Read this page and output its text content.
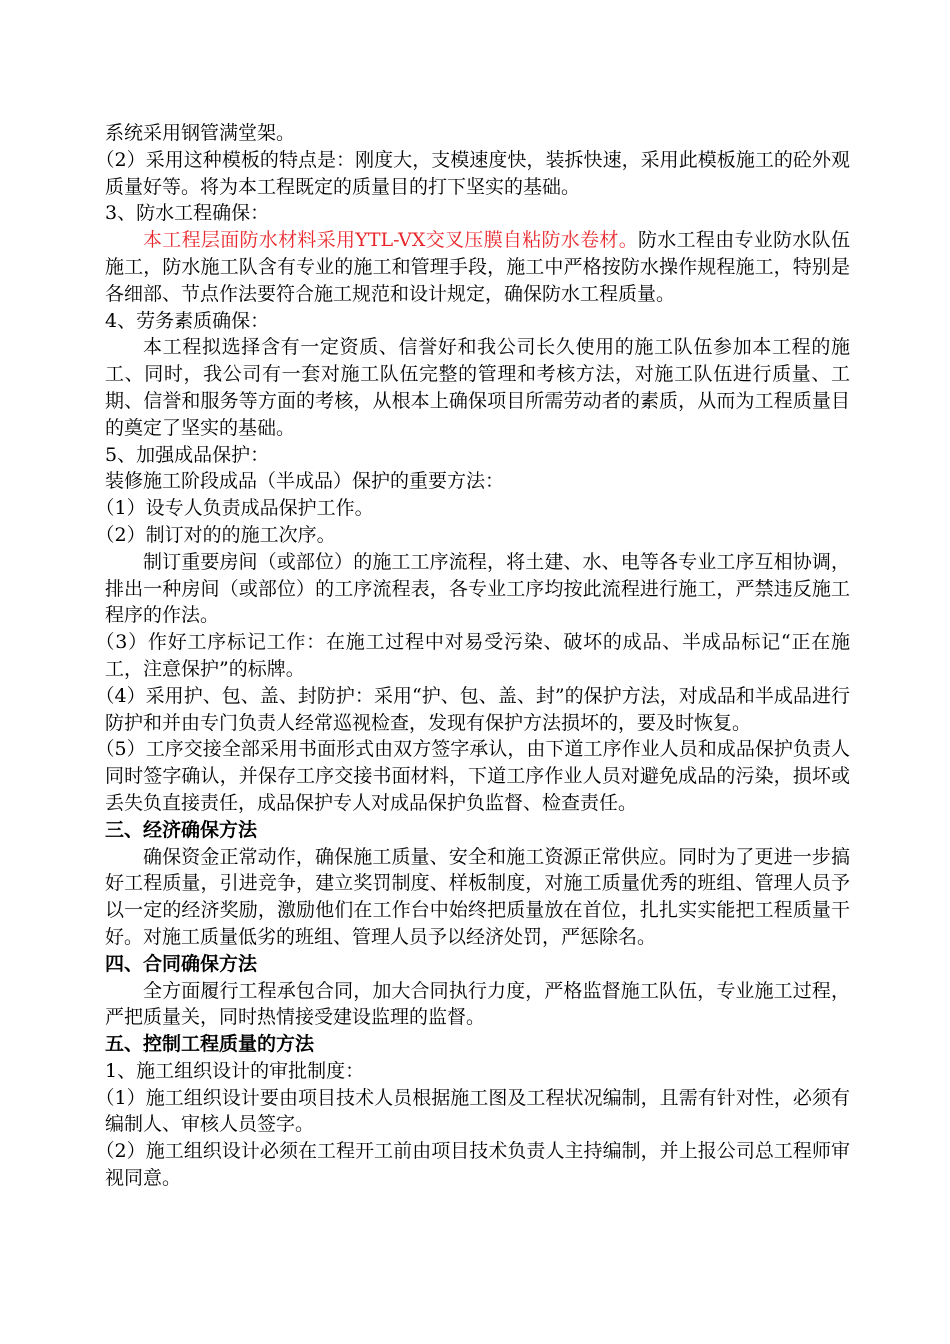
系统采用钢管满堂架。

（2）采用这种模板的特点是：刚度大，支模速度快，装拆快速，采用此模板施工的砼外观质量好等。将为本工程既定的质量目的打下坚实的基础。

3、防水工程确保：

本工程层面防水材料采用YTL-VX交叉压膜自粘防水卷材。防水工程由专业防水队伍施工，防水施工队含有专业的施工和管理手段，施工中严格按防水操作规程施工，特别是各细部、节点作法要符合施工规范和设计规定，确保防水工程质量。

4、劳务素质确保：

本工程拟选择含有一定资质、信誉好和我公司长久使用的施工队伍参加本工程的施工、同时，我公司有一套对施工队伍完整的管理和考核方法，对施工队伍进行质量、工期、信誉和服务等方面的考核，从根本上确保项目所需劳动者的素质，从而为工程质量目的奠定了坚实的基础。

5、加强成品保护：

装修施工阶段成品（半成品）保护的重要方法：

（1）设专人负责成品保护工作。

（2）制订对的的施工次序。

制订重要房间（或部位）的施工工序流程，将土建、水、电等各专业工序互相协调，排出一种房间（或部位）的工序流程表，各专业工序均按此流程进行施工，严禁违反施工程序的作法。

（3）作好工序标记工作：在施工过程中对易受污染、破坏的成品、半成品标记“正在施工，注意保护”的标牌。

（4）采用护、包、盖、封防护：采用“护、包、盖、封”的保护方法，对成品和半成品进行防护和并由专门负责人经常巡视检查，发现有保护方法损坏的，要及时恢复。

（5）工序交接全部采用书面形式由双方签字承认，由下道工序作业人员和成品保护负责人同时签字确认，并保存工序交接书面材料，下道工序作业人员对避免成品的污染，损坏或丢失负直接责任，成品保护专人对成品保护负监督、检查责任。

三、经济确保方法

确保资金正常动作，确保施工质量、安全和施工资源正常供应。同时为了更进一步搞好工程质量，引进竞争，建立奖罚制度、样板制度，对施工质量优秀的班组、管理人员予以一定的经济奖励，激励他们在工作台中始终把质量放在首位，扎扎实实能把工程质量干好。对施工质量低劣的班组、管理人员予以经济处罚，严惩除名。

四、合同确保方法

全方面履行工程承包合同，加大合同执行力度，严格监督施工队伍，专业施工过程，严把质量关，同时热情接受建设监理的监督。

五、控制工程质量的方法

1、施工组织设计的审批制度：

（1）施工组织设计要由项目技术人员根据施工图及工程状况编制，且需有针对性，必须有编制人、审核人员签字。

（2）施工组织设计必须在工程开工前由项目技术负责人主持编制，并上报公司总工程师审视同意。
